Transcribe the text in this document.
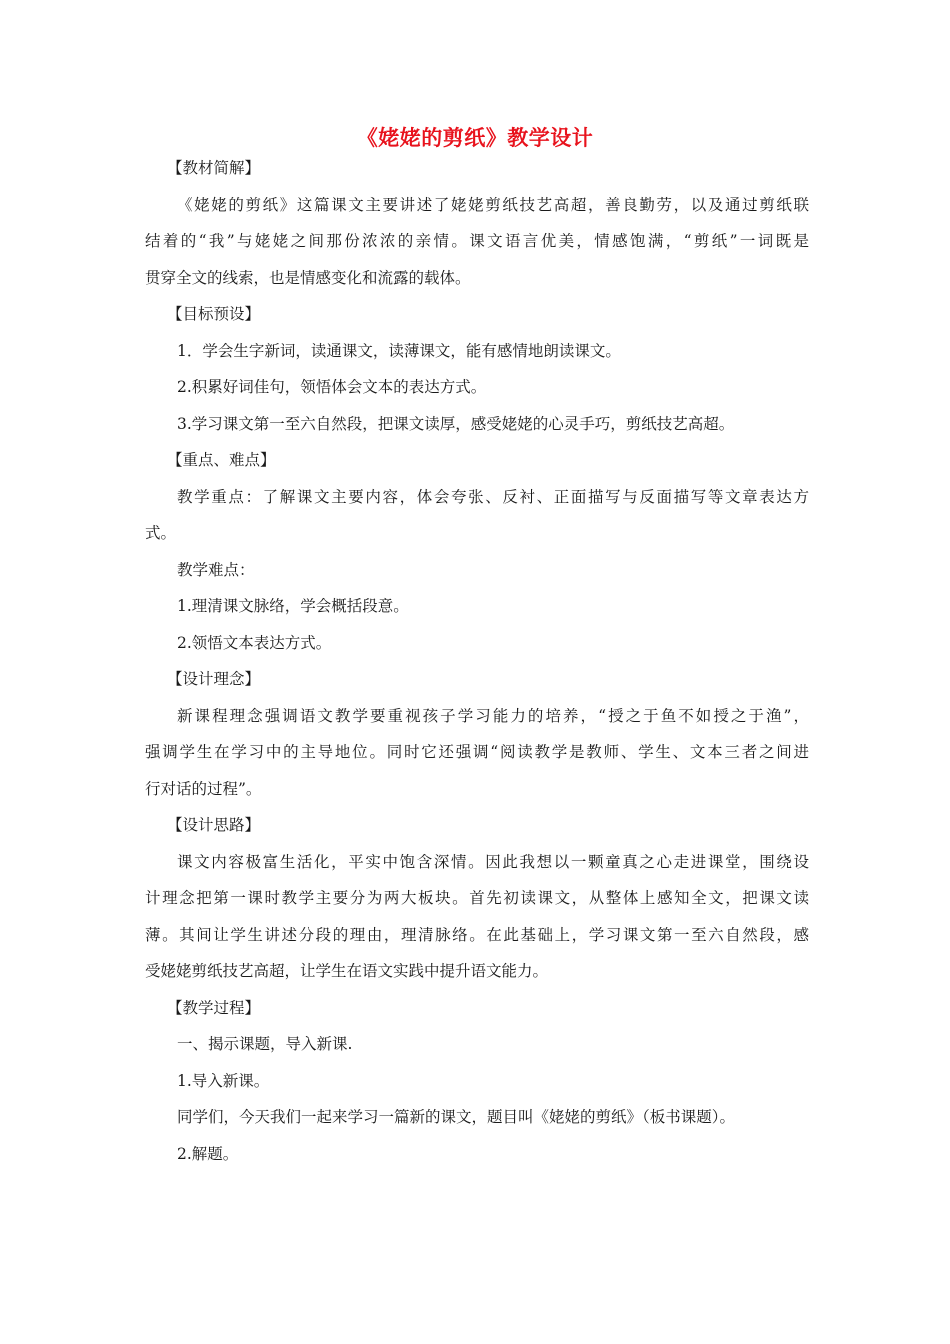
《姥姥的剪纸》教学设计
【教材简解】
《姥姥的剪纸》这篇课文主要讲述了姥姥剪纸技艺高超，善良勤劳，以及通过剪纸联
结着的“我”与姥姥之间那份浓浓的亲情。课文语言优美，情感饱满，“剪纸”一词既是
贯穿全文的线索，也是情感变化和流露的载体。
【目标预设】
1．学会生字新词，读通课文，读薄课文，能有感情地朗读课文。
2.积累好词佳句，领悟体会文本的表达方式。
3.学习课文第一至六自然段，把课文读厚，感受姥姥的心灵手巧，剪纸技艺高超。
【重点、难点】
教学重点：了解课文主要内容，体会夸张、反衬、正面描写与反面描写等文章表达方
式。
教学难点：
1.理清课文脉络，学会概括段意。
2.领悟文本表达方式。
【设计理念】
新课程理念强调语文教学要重视孩子学习能力的培养，“授之于鱼不如授之于渔”，
强调学生在学习中的主导地位。同时它还强调“阅读教学是教师、学生、文本三者之间进
行对话的过程”。
【设计思路】
课文内容极富生活化，平实中饱含深情。因此我想以一颗童真之心走进课堂，围绕设
计理念把第一课时教学主要分为两大板块。首先初读课文，从整体上感知全文，把课文读
薄。其间让学生讲述分段的理由，理清脉络。在此基础上，学习课文第一至六自然段，感
受姥姥剪纸技艺高超，让学生在语文实践中提升语文能力。
【教学过程】
一、揭示课题，导入新课.
1.导入新课。
同学们，今天我们一起来学习一篇新的课文，题目叫《姥姥的剪纸》（板书课题）。
2.解题。
